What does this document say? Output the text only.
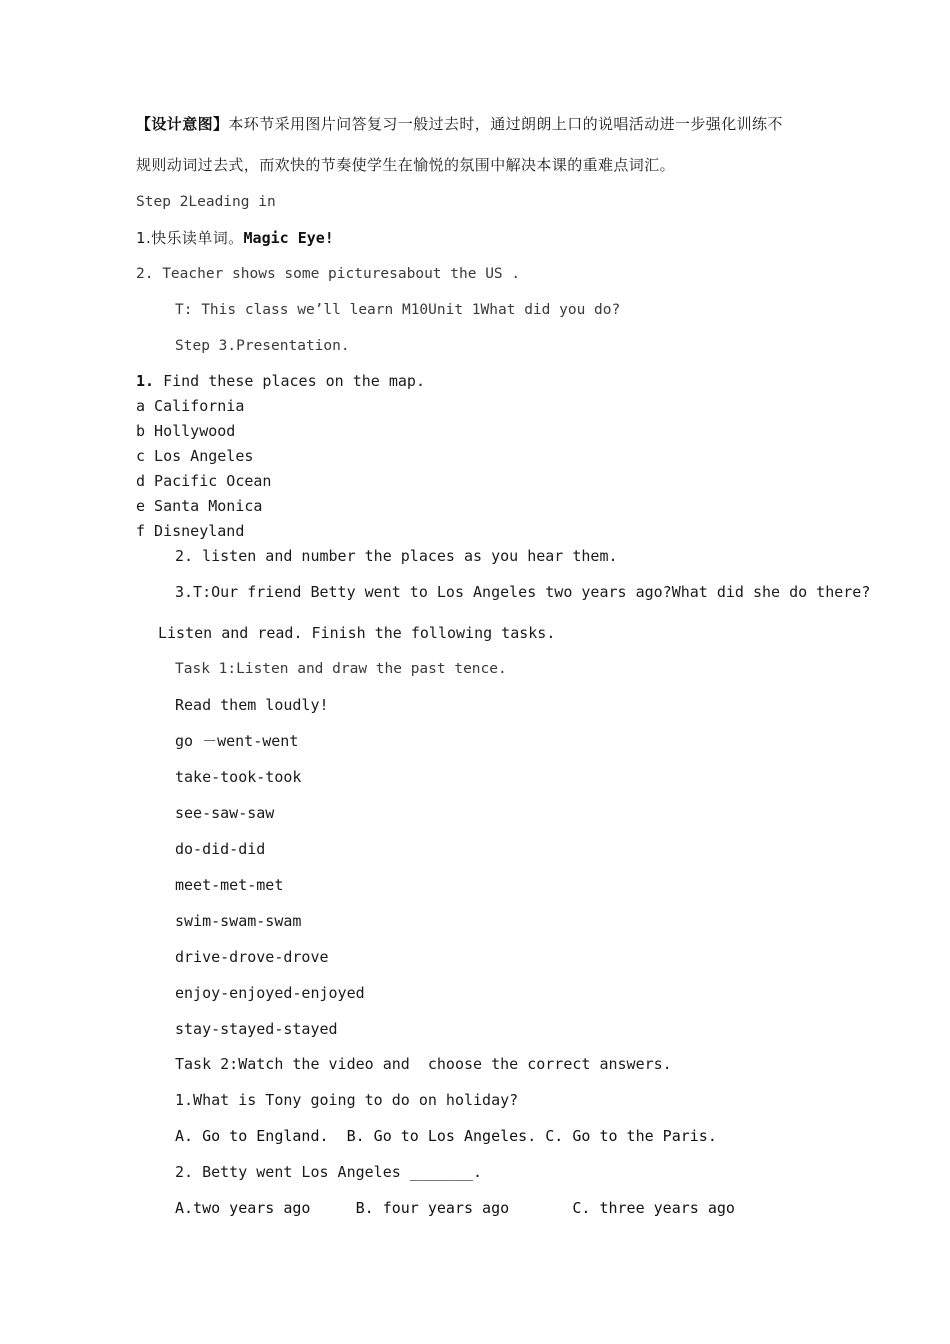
【设计意图】本环节采用图片问答复习一般过去时，通过朗朗上口的说唱活动进一步强化训练不
规则动词过去式，而欢快的节奏使学生在愉悦的氛围中解决本课的重难点词汇。
Step 2Leading in
1.快乐读单词。Magic Eye!
2. Teacher shows some picturesabout the US .
T: This class we’ll learn M10Unit 1What did you do?
Step 3.Presentation.
1. Find these places on the map.
a California
b Hollywood
c Los Angeles
d Pacific Ocean
e Santa Monica
f Disneyland
2. listen and number the places as you hear them.
3.T:Our friend Betty went to Los Angeles two years ago?What did she do there?
Listen and read. Finish the following tasks.
Task 1:Listen and draw the past tence.
Read them loudly!
go －went-went
take-took-took
see-saw-saw
do-did-did
meet-met-met
swim-swam-swam
drive-drove-drove
enjoy-enjoyed-enjoyed
stay-stayed-stayed
Task 2:Watch the video and  choose the correct answers.
1.What is Tony going to do on holiday?
A. Go to England.  B. Go to Los Angeles. C. Go to the Paris.
2. Betty went Los Angeles _______.
A.two years ago     B. four years ago       C. three years ago
